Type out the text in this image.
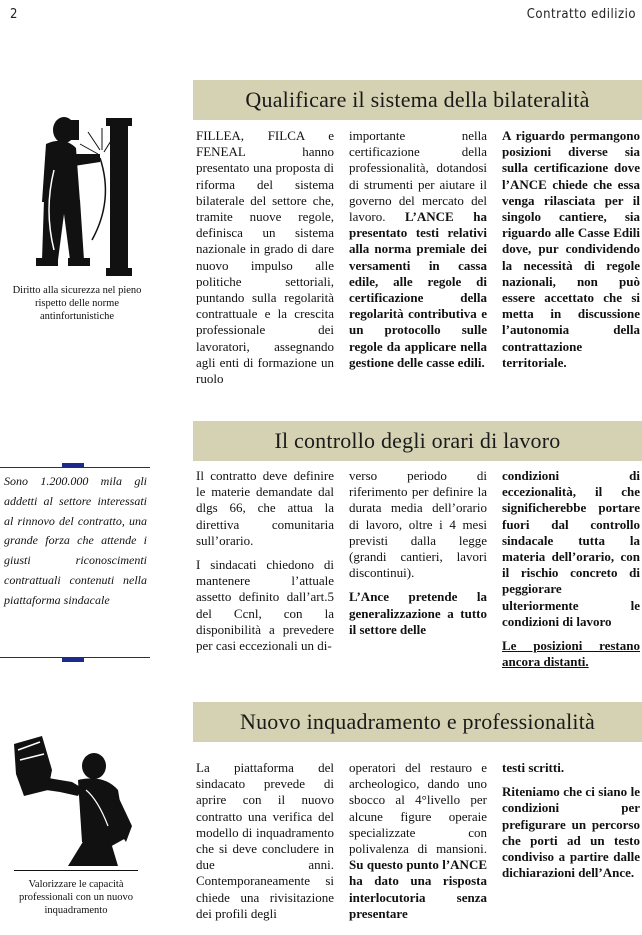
2	Contratto edilizio
Qualificare il sistema della bilateralità
Diritto alla sicurezza nel pieno rispetto delle norme antinfortunistiche

FILLEA, FILCA e FENEAL hanno presentato una proposta di riforma del sistema bilaterale del settore che, tramite nuove regole, definisca un sistema nazionale in grado di dare nuovo impulso alle politiche settoriali, puntando sulla regolarità contrattuale e la crescita professionale dei lavoratori, assegnando agli enti di formazione un ruolo

importante nella certificazione della professionalità, dotandosi di strumenti per aiutare il governo del mercato del lavoro. L’ANCE ha presentato testi relativi alla norma premiale dei versamenti in cassa edile, alle regole di certificazione della regolarità contributiva e un protocollo sulle regole da applicare nella gestione delle casse edili.

A riguardo permangono posizioni diverse sia sulla certificazione dove l’ANCE chiede che essa venga rilasciata per il singolo cantiere, sia riguardo alle Casse Edili dove, pur condividendo la necessità di regole nazionali, non può essere accettato che si metta in discussione l’autonomia della contrattazione territoriale.

Sono 1.200.000 mila gli addetti al settore interessati al rinnovo del contratto, una grande forza che attende i giusti riconoscimenti contrattuali contenuti nella piattaforma sindacale
Il controllo degli orari di lavoro

Il contratto deve definire le materie demandate dal dlgs 66, che attua la direttiva comunitaria sull’orario.

I sindacati chiedono di mantenere l’attuale assetto definito dall’art.5 del Ccnl, con la disponibilità a prevedere per casi eccezionali un di-

verso periodo di riferimento per definire la durata media dell’orario di lavoro, oltre i 4 mesi previsti dalla legge (grandi cantieri, lavori discontinui).

L’Ance pretende la generalizzazione a tutto il settore delle

condizioni di eccezionalità, il che significherebbe portare fuori dal controllo sindacale tutta la materia dell’orario, con il rischio concreto di peggiorare ulteriormente le condizioni di lavoro

Le posizioni restano ancora distanti.

Nuovo inquadramento e professionalità
Valorizzare le capacità professionali con un nuovo inquadramento

La piattaforma del sindacato prevede di aprire con il nuovo contratto una verifica del modello di inquadramento che si deve concludere in due anni. Contemporaneamente si chiede una rivisitazione dei profili degli

operatori del restauro e archeologico, dando uno sbocco al 4°livello per alcune figure operaie specializzate con polivalenza di mansioni. Su questo punto l’ANCE ha dato una risposta interlocutoria senza presentare

testi scritti.

Riteniamo che ci siano le condizioni per prefigurare un percorso che porti ad un testo condiviso a partire dalle dichiarazioni dell’Ance.
